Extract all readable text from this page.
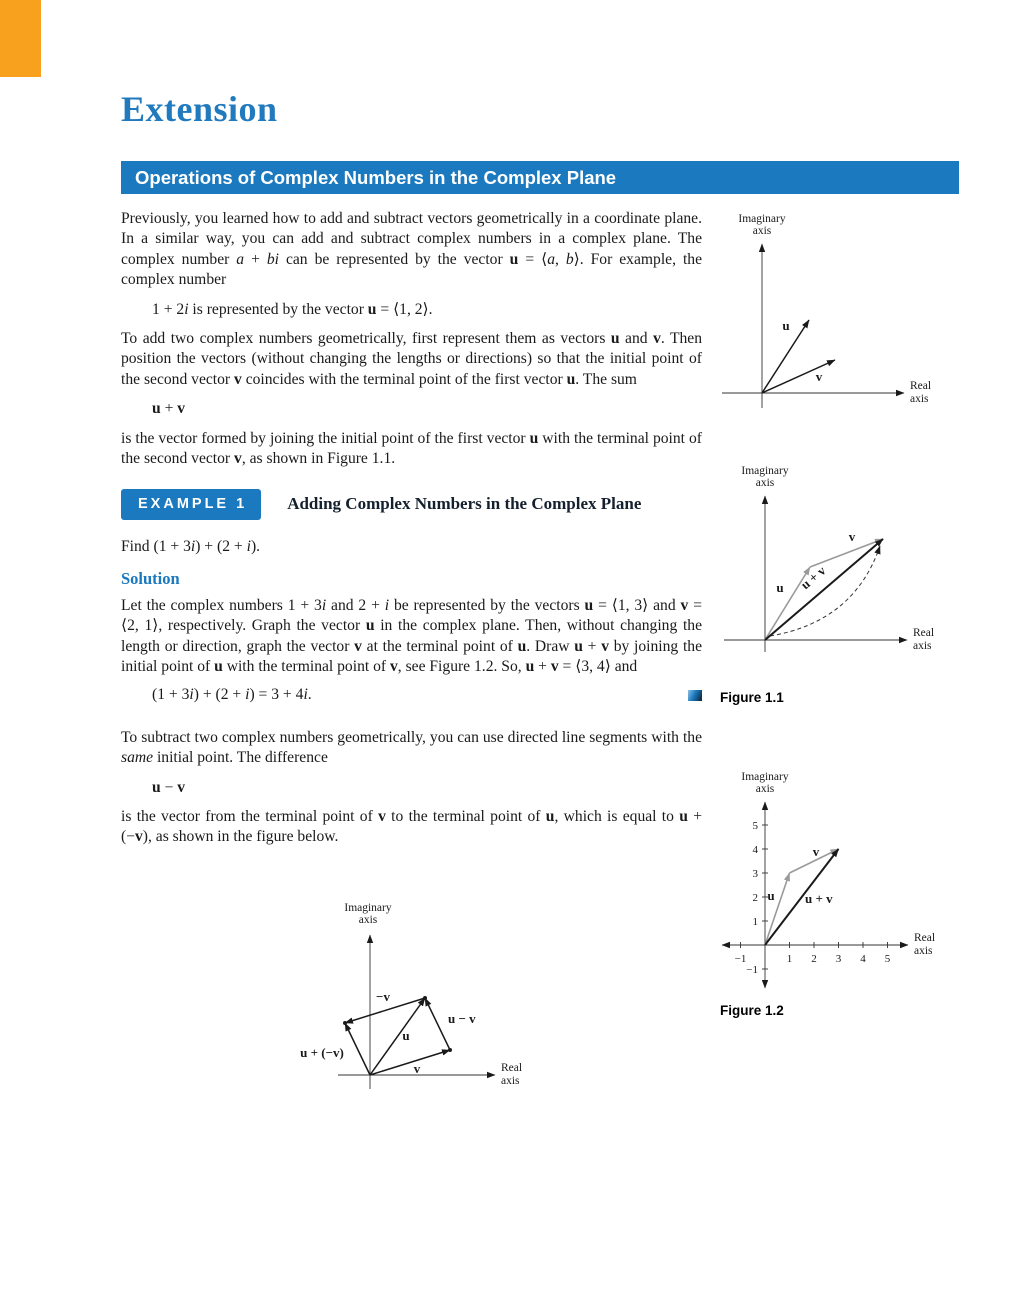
Extension
Operations of Complex Numbers in the Complex Plane

Previously, you learned how to add and subtract vectors geometrically in a coordinate plane. In a similar way, you can add and subtract complex numbers in a complex plane. The complex number a + bi can be represented by the vector u = ⟨a, b⟩. For example, the complex number

1 + 2i is represented by the vector u = ⟨1, 2⟩.

To add two complex numbers geometrically, first represent them as vectors u and v. Then position the vectors (without changing the lengths or directions) so that the initial point of the second vector v coincides with the terminal point of the first vector u. The sum

u + v

is the vector formed by joining the initial point of the first vector u with the terminal point of the second vector v, as shown in Figure 1.1.

EXAMPLE 1	Adding Complex Numbers in the Complex Plane

Find (1 + 3i) + (2 + i).

Solution

Let the complex numbers 1 + 3i and 2 + i be represented by the vectors u = ⟨1, 3⟩ and v = ⟨2, 1⟩, respectively. Graph the vector u in the complex plane. Then, without changing the length or direction, graph the vector v at the terminal point of u. Draw u + v by joining the initial point of u with the terminal point of v, see Figure 1.2. So, u + v = ⟨3, 4⟩ and

(1 + 3i) + (2 + i) = 3 + 4i.

To subtract two complex numbers geometrically, you can use directed line segments with the same initial point. The difference

u − v

is the vector from the terminal point of v to the terminal point of u, which is equal to u + (−v), as shown in the figure below.

Imaginary
axis
Real
axis
u
v
Imaginary
axis
Real
axis
u
v
u + v
Figure 1.1
Imaginary
axis
Real
axis
−1	1 2 3 4 5
−1
1
2
3
4
5
u
v
u + v
Figure 1.2
Imaginary
axis
Real
axis
v
u
u − v
−v
u + (−v)
